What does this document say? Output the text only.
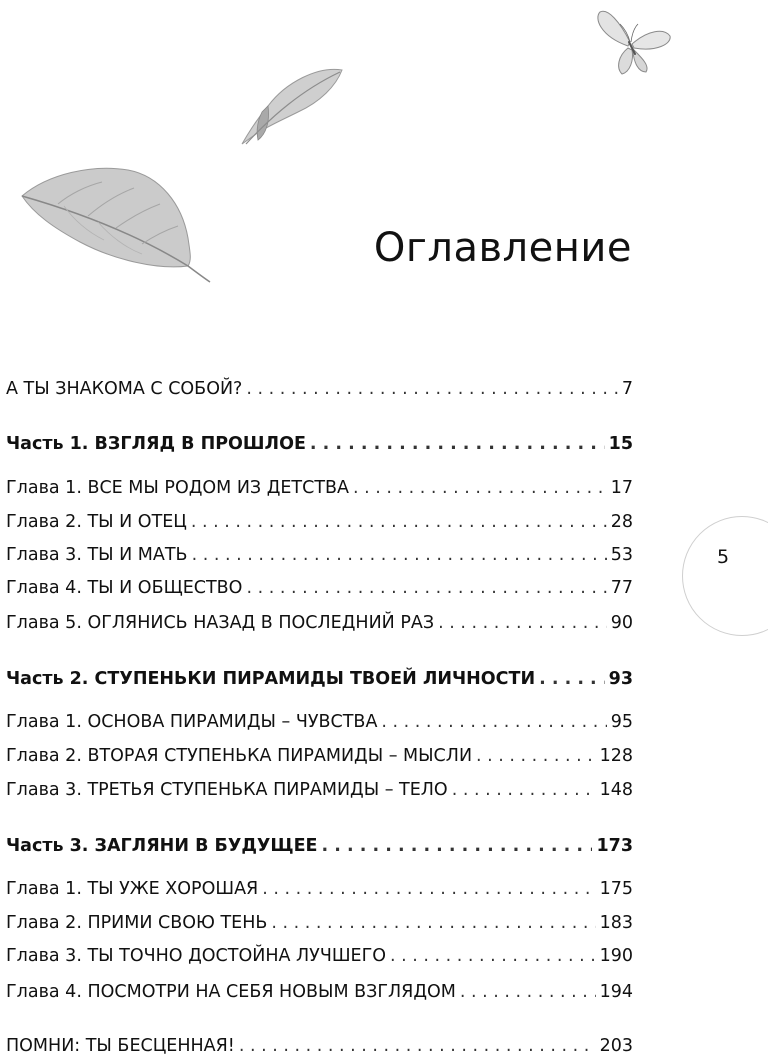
Оглавление
5
А ТЫ ЗНАКОМА С СОБОЙ? . . .	7
Часть 1. ВЗГЛЯД В ПРОШЛОЕ . . .	15
Глава 1. ВСЕ МЫ РОДОМ ИЗ ДЕТСТВА . . .	17
Глава 2. ТЫ И ОТЕЦ . . .	28
Глава 3. ТЫ И МАТЬ . . .	53
Глава 4. ТЫ И ОБЩЕСТВО . . .	77
Глава 5. ОГЛЯНИСЬ НАЗАД В ПОСЛЕДНИЙ РАЗ . . .	90
Часть 2. СТУПЕНЬКИ ПИРАМИДЫ ТВОЕЙ ЛИЧНОСТИ . . .	93
Глава 1. ОСНОВА ПИРАМИДЫ – ЧУВСТВА . . .	95
Глава 2. ВТОРАЯ СТУПЕНЬКА ПИРАМИДЫ – МЫСЛИ . . .	128
Глава 3. ТРЕТЬЯ СТУПЕНЬКА ПИРАМИДЫ – ТЕЛО . . .	148
Часть 3. ЗАГЛЯНИ В БУДУЩЕЕ . . .	173
Глава 1. ТЫ УЖЕ ХОРОШАЯ . . .	175
Глава 2. ПРИМИ СВОЮ ТЕНЬ . . .	183
Глава 3. ТЫ ТОЧНО ДОСТОЙНА ЛУЧШЕГО . . .	190
Глава 4. ПОСМОТРИ НА СЕБЯ НОВЫМ ВЗГЛЯДОМ . . .	194
ПОМНИ: ТЫ БЕСЦЕННАЯ! . . .	203
